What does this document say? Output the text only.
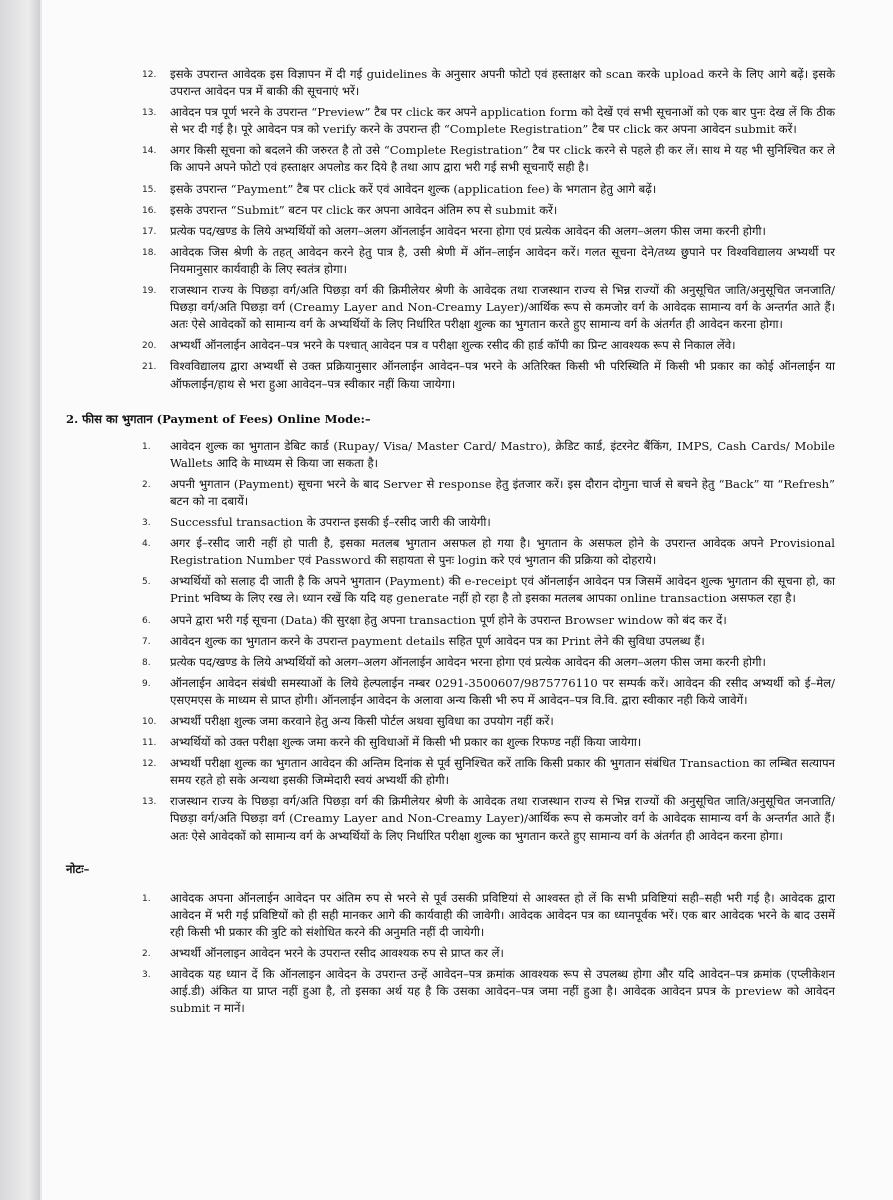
12. इसके उपरान्त आवेदक इस विज्ञापन में दी गई guidelines के अनुसार अपनी फोटो एवं हस्ताक्षर को scan करके upload करने के लिए आगे बढ़ें। इसके उपरान्त आवेदन पत्र में बाकी की सूचनाएं भरें।
13. आवेदन पत्र पूर्ण भरने के उपरान्त “Preview” टैब पर click कर अपने application form को देखें एवं सभी सूचनाओं को एक बार पुनः देख लें कि ठीक से भर दी गई है। पूरे आवेदन पत्र को verify करने के उपरान्त ही “Complete Registration” टैब पर click कर अपना आवेदन submit करें।
14. अगर किसी सूचना को बदलने की जरुरत है तो उसे “Complete Registration” टैब पर click करने से पहले ही कर लें। साथ मे यह भी सुनिश्चित कर ले कि आपने अपने फोटो एवं हस्ताक्षर अपलोड कर दिये है तथा आप द्वारा भरी गई सभी सूचनाएँ सही है।
15. इसके उपरान्त “Payment” टैब पर click करें एवं आवेदन शुल्क (application fee) के भगतान हेतु आगे बढ़ें।
16. इसके उपरान्त “Submit” बटन पर click कर अपना आवेदन अंतिम रुप से submit करें।
17. प्रत्येक पद/खण्ड के लिये अभ्यर्थियों को अलग–अलग ऑनलाईन आवेदन भरना होगा एवं प्रत्येक आवेदन की अलग–अलग फीस जमा करनी होगी।
18. आवेदक जिस श्रेणी के तहत् आवेदन करने हेतु पात्र है, उसी श्रेणी में ऑन–लाईन आवेदन करें। गलत सूचना देने/तथ्य छुपाने पर विश्वविद्यालय अभ्यर्थी पर नियमानुसार कार्यवाही के लिए स्वतंत्र होगा।
19. राजस्थान राज्य के पिछड़ा वर्ग/अति पिछड़ा वर्ग की क्रिमीलेयर श्रेणी के आवेदक तथा राजस्थान राज्य से भिन्न राज्यों की अनुसूचित जाति/अनुसूचित जनजाति/पिछड़ा वर्ग/अति पिछड़ा वर्ग (Creamy Layer and Non-Creamy Layer)/आर्थिक रूप से कमजोर वर्ग के आवेदक सामान्य वर्ग के अन्तर्गत आते हैं। अतः ऐसे आवेदकों को सामान्य वर्ग के अभ्यर्थियों के लिए निर्धारित परीक्षा शुल्क का भुगतान करते हुए सामान्य वर्ग के अंतर्गत ही आवेदन करना होगा।
20. अभ्यर्थी ऑनलाईन आवेदन–पत्र भरने के पश्चात् आवेदन पत्र व परीक्षा शुल्क रसीद की हार्ड कॉपी का प्रिन्ट आवश्यक रूप से निकाल लेंवे।
21. विश्वविद्यालय द्वारा अभ्यर्थी से उक्त प्रक्रियानुसार ऑनलाईन आवेदन–पत्र भरने के अतिरिक्त किसी भी परिस्थिति में किसी भी प्रकार का कोई ऑनलाईन या ऑफलाईन/हाथ से भरा हुआ आवेदन–पत्र स्वीकार नहीं किया जायेगा।
2. फीस का भुगतान (Payment of Fees) Online Mode:–
1. आवेदन शुल्क का भुगतान डेबिट कार्ड (Rupay/ Visa/ Master Card/ Mastro), क्रेडिट कार्ड, इंटरनेट बैंकिंग, IMPS, Cash Cards/ Mobile Wallets आदि के माध्यम से किया जा सकता है।
2. अपनी भुगतान (Payment) सूचना भरने के बाद Server से response हेतु इंतजार करें। इस दौरान दोगुना चार्ज से बचने हेतु “Back” या “Refresh” बटन को ना दबायें।
3. Successful transaction के उपरान्त इसकी ई–रसीद जारी की जायेगी।
4. अगर ई–रसीद जारी नहीं हो पाती है, इसका मतलब भुगतान असफल हो गया है। भुगतान के असफल होने के उपरान्त आवेदक अपने Provisional Registration Number एवं Password की सहायता से पुनः login करे एवं भुगतान की प्रक्रिया को दोहराये।
5. अभ्यर्थियों को सलाह दी जाती है कि अपने भुगतान (Payment) की e-receipt एवं ऑनलाईन आवेदन पत्र जिसमें आवेदन शुल्क भुगतान की सूचना हो, का Print भविष्य के लिए रख ले। ध्यान रखें कि यदि यह generate नहीं हो रहा है तो इसका मतलब आपका online transaction असफल रहा है।
6. अपने द्वारा भरी गई सूचना (Data) की सुरक्षा हेतु अपना transaction पूर्ण होने के उपरान्त Browser window को बंद कर दें।
7. आवेदन शुल्क का भुगतान करने के उपरान्त payment details सहित पूर्ण आवेदन पत्र का Print लेने की सुविधा उपलब्ध हैं।
8. प्रत्येक पद/खण्ड के लिये अभ्यर्थियों को अलग–अलग ऑनलाईन आवेदन भरना होगा एवं प्रत्येक आवेदन की अलग–अलग फीस जमा करनी होगी।
9. ऑनलाईन आवेदन संबंधी समस्याओं के लिये हेल्पलाईन नम्बर 0291-3500607/9875776110 पर सम्पर्क करें। आवेदन की रसीद अभ्यर्थी को ई–मेल/एसएमएस के माध्यम से प्राप्त होगी। ऑनलाईन आवेदन के अलावा अन्य किसी भी रुप में आवेदन–पत्र वि.वि. द्वारा स्वीकार नही किये जावेगें।
10. अभ्यर्थी परीक्षा शुल्क जमा करवाने हेतु अन्य किसी पोर्टल अथवा सुविधा का उपयोग नहीं करें।
11. अभ्यर्थियों को उक्त परीक्षा शुल्क जमा करने की सुविधाओं में किसी भी प्रकार का शुल्क रिफण्ड नहीं किया जायेगा।
12. अभ्यर्थी परीक्षा शुल्क का भुगतान आवेदन की अन्तिम दिनांक से पूर्व सुनिश्चित करें ताकि किसी प्रकार की भुगतान संबंधित Transaction का लम्बित सत्यापन समय रहते हो सके अन्यथा इसकी जिम्मेदारी स्वयं अभ्यर्थी की होगी।
13. राजस्थान राज्य के पिछड़ा वर्ग/अति पिछड़ा वर्ग की क्रिमीलेयर श्रेणी के आवेदक तथा राजस्थान राज्य से भिन्न राज्यों की अनुसूचित जाति/अनुसूचित जनजाति/पिछड़ा वर्ग/अति पिछड़ा वर्ग (Creamy Layer and Non-Creamy Layer)/आर्थिक रूप से कमजोर वर्ग के आवेदक सामान्य वर्ग के अन्तर्गत आते हैं। अतः ऐसे आवेदकों को सामान्य वर्ग के अभ्यर्थियों के लिए निर्धारित परीक्षा शुल्क का भुगतान करते हुए सामान्य वर्ग के अंतर्गत ही आवेदन करना होगा।
नोटः–
1. आवेदक अपना ऑनलाईन आवेदन पर अंतिम रुप से भरने से पूर्व उसकी प्रविष्टियां से आश्वस्त हो लें कि सभी प्रविष्टियां सही–सही भरी गई है। आवेदक द्वारा आवेदन में भरी गई प्रविष्टियों को ही सही मानकर आगे की कार्यवाही की जावेगी। आवेदक आवेदन पत्र का ध्यानपूर्वक भरें। एक बार आवेदक भरने के बाद उसमें रही किसी भी प्रकार की त्रुटि को संशोधित करने की अनुमति नहीं दी जायेगी।
2. अभ्यर्थी ऑनलाइन आवेदन भरने के उपरान्त रसीद आवश्यक रुप से प्राप्त कर लें।
3. आवेदक यह ध्यान दें कि ऑनलाइन आवेदन के उपरान्त उन्हें आवेदन–पत्र क्रमांक आवश्यक रूप से उपलब्ध होगा और यदि आवेदन–पत्र क्रमांक (एप्लीकेशन आई.डी) अंकित या प्राप्त नहीं हुआ है, तो इसका अर्थ यह है कि उसका आवेदन–पत्र जमा नहीं हुआ है। आवेदक आवेदन प्रपत्र के preview को आवेदन submit न मानें।
